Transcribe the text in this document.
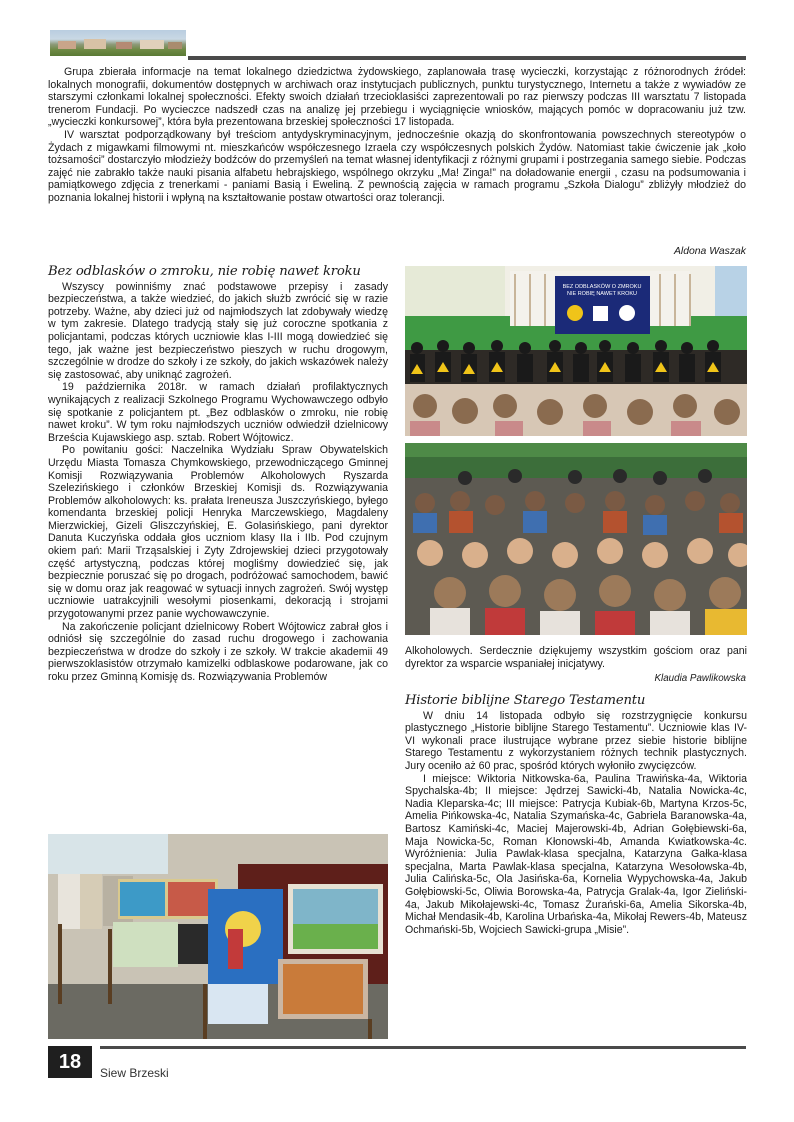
Grupa zbierała informacje na temat lokalnego dziedzictwa żydowskiego, zaplanowała trasę wycieczki, korzystając z różnorodnych źródeł: lokalnych monografii, dokumentów dostępnych w archiwach oraz instytucjach publicznych, punktu turystycznego, Internetu a także z wywiadów ze starszymi członkami lokalnej społeczności. Efekty swoich działań trzecioklasiści zaprezentowali po raz pierwszy podczas III warsztatu 7 listopada trenerom Fundacji. Po wycieczce nadszedł czas na analizę jej przebiegu i wyciągnięcie wniosków, mających pomóc w dopracowaniu już tzw. „wycieczki konkursowej”, która była prezentowana brzeskiej społeczności 17 listopada.

IV warsztat podporządkowany był treściom antydyskryminacyjnym, jednocześnie okazją do skonfrontowania powszechnych stereotypów o Żydach z migawkami filmowymi nt. mieszkańców współczesnego Izraela czy współczesnych polskich Żydów. Natomiast takie ćwiczenie jak „koło tożsamości” dostarczyło młodzieży bodźców do przemyśleń na temat własnej identyfikacji z różnymi grupami i postrzegania samego siebie. Podczas zajęć nie zabrakło także nauki pisania alfabetu hebrajskiego, wspólnego okrzyku „Ma! Zinga!” na doładowanie energii , czasu na podsumowania i pamiątkowego zdjęcia z trenerkami - paniami Basią i Eweliną. Z pewnością zajęcia w ramach programu „Szkoła Dialogu” zbliżyły młodzież do poznania lokalnej historii i wpłyną na kształtowanie postaw otwartości oraz tolerancji.

Aldona Waszak
Bez odblasków o zmroku, nie robię nawet kroku

Wszyscy powinniśmy znać podstawowe przepisy i zasady bezpieczeństwa, a także wiedzieć, do jakich służb zwrócić się w razie potrzeby. Ważne, aby dzieci już od najmłodszych lat zdobywały wiedzę w tym zakresie. Dlatego tradycją stały się już coroczne spotkania z policjantami, podczas których uczniowie klas I-III mogą dowiedzieć się tego, jak ważne jest bezpieczeństwo pieszych w ruchu drogowym, szczególnie w drodze do szkoły i ze szkoły, do jakich wskazówek należy się zastosować, aby uniknąć zagrożeń.

19 października 2018r. w ramach działań profilaktycznych wynikających z realizacji Szkolnego Programu Wychowawczego odbyło się spotkanie z policjantem pt. „Bez odblasków o zmroku, nie robię nawet kroku”. W tym roku najmłodszych uczniów odwiedził dzielnicowy Brześcia Kujawskiego asp. sztab. Robert Wójtowicz.

Po powitaniu gości: Naczelnika Wydziału Spraw Obywatelskich Urzędu Miasta Tomasza Chymkowskiego, przewodniczącego Gminnej Komisji Rozwiązywania Problemów Alkoholowych Ryszarda Szelezińskiego i członków Brzeskiej Komisji ds. Rozwiązywania Problemów alkoholowych: ks. prałata Ireneusza Juszczyńskiego, byłego komendanta brzeskiej policji Henryka Marczewskiego, Magdaleny Mierzwickiej, Gizeli Gliszczyńskiej, E. Golasińskiego, pani dyrektor Danuta Kuczyńska oddała głos uczniom klasy IIa i IIb. Pod czujnym okiem pań: Marii Trząsalskiej i Zyty Zdrojewskiej dzieci przygotowały część artystyczną, podczas której mogliśmy dowiedzieć się, jak bezpiecznie poruszać się po drogach, podróżować samochodem, bawić się w domu oraz jak reagować w sytuacji innych zagrożeń. Swój występ uczniowie uatrakcyjnili wesołymi piosenkami, dekoracją i strojami przygotowanymi przez panie wychowawczynie.

Na zakończenie policjant dzielnicowy Robert Wójtowicz zabrał głos i odniósł się szczególnie do zasad ruchu drogowego i zachowania bezpieczeństwa w drodze do szkoły i ze szkoły. W trakcie akademii 49 pierwszoklasistów otrzymało kamizelki odblaskowe podarowane, jak co roku przez Gminną Komisję ds. Rozwiązywania Problemów

BEZ ODBLASKÓW O ZMROKU
NIE ROBIĘ NAWET KROKU

Alkoholowych. Serdecznie dziękujemy wszystkim gościom oraz pani dyrektor za wsparcie wspaniałej inicjatywy.

Klaudia Pawlikowska
Historie biblijne Starego Testamentu

W dniu 14 listopada odbyło się rozstrzygnięcie konkursu plastycznego „Historie biblijne Starego Testamentu”. Uczniowie klas IV-VI wykonali prace ilustrujące wybrane przez siebie historie biblijne Starego Testamentu z wykorzystaniem różnych technik plastycznych. Jury oceniło aż 60 prac, spośród których wyłoniło zwycięzców.

I miejsce: Wiktoria Nitkowska-6a, Paulina Trawińska-4a, Wiktoria Spychalska-4b; II miejsce: Jędrzej Sawicki-4b, Natalia Nowicka-4c, Nadia Kleparska-4c; III miejsce: Patrycja Kubiak-6b, Martyna Krzos-5c, Amelia Pińkowska-4c, Natalia Szymańska-4c, Gabriela Baranowska-4a, Bartosz Kamiński-4c, Maciej Majerowski-4b, Adrian Gołębiewski-6a, Maja Nowicka-5c, Roman Kłonowski-4b, Amanda Kwiatkowska-4c. Wyróżnienia: Julia Pawlak-klasa specjalna, Katarzyna Gałka-klasa specjalna, Marta Pawlak-klasa specjalna, Katarzyna Wesołowska-4b, Julia Calińska-5c, Ola Jasińska-6a, Kornelia Wypychowska-4a, Jakub Gołębiowski-5c, Oliwia Borowska-4a, Patrycja Gralak-4a, Igor Zieliński-4a, Jakub Mikołajewski-4c, Tomasz Żurański-6a, Amelia Sikorska-4b, Michał Mendasik-4b, Karolina Urbańska-4a, Mikołaj Rewers-4b, Mateusz Ochmański-5b, Wojciech Sawicki-grupa „Misie”.

18
Siew Brzeski
